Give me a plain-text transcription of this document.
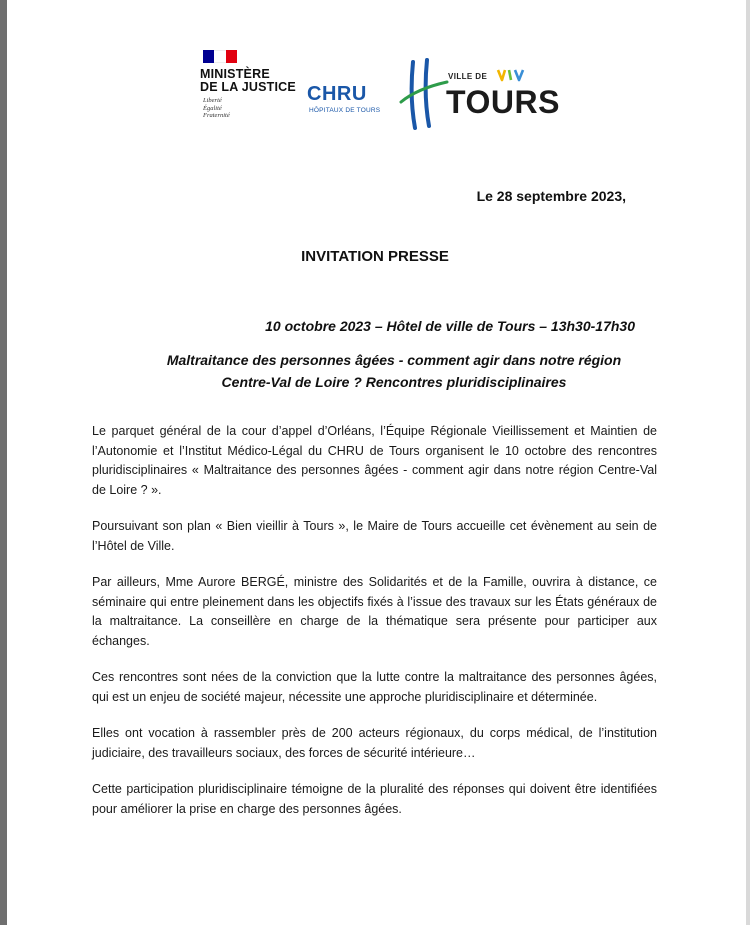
MINISTÈRE
DE LA JUSTICE
Liberté
Égalité
Fraternité
CHRU
HÔPITAUX DE TOURS
VILLE DE
TOURS
Le 28 septembre 2023,
INVITATION PRESSE
10 octobre 2023 – Hôtel de ville de Tours – 13h30-17h30
Maltraitance des personnes âgées - comment agir dans notre région
Centre-Val de Loire ? Rencontres pluridisciplinaires

Le parquet général de la cour d’appel d’Orléans, l’Équipe Régionale Vieillissement et Maintien de l’Autonomie et l’Institut Médico-Légal du CHRU de Tours organisent le 10 octobre des rencontres pluridisciplinaires « Maltraitance des personnes âgées - comment agir dans notre région Centre-Val de Loire ? ».

Poursuivant son plan « Bien vieillir à Tours », le Maire de Tours accueille cet évènement au sein de l’Hôtel de Ville.

Par ailleurs, Mme Aurore BERGÉ, ministre des Solidarités et de la Famille, ouvrira à distance, ce séminaire qui entre pleinement dans les objectifs fixés à l’issue des travaux sur les États généraux de la maltraitance. La conseillère en charge de la thématique sera présente pour participer aux échanges.

Ces rencontres sont nées de la conviction que la lutte contre la maltraitance des personnes âgées, qui est un enjeu de société majeur, nécessite une approche pluridisciplinaire et déterminée.

Elles ont vocation à rassembler près de 200 acteurs régionaux, du corps médical, de l’institution judiciaire, des travailleurs sociaux, des forces de sécurité intérieure…

Cette participation pluridisciplinaire témoigne de la pluralité des réponses qui doivent être identifiées pour améliorer la prise en charge des personnes âgées.
